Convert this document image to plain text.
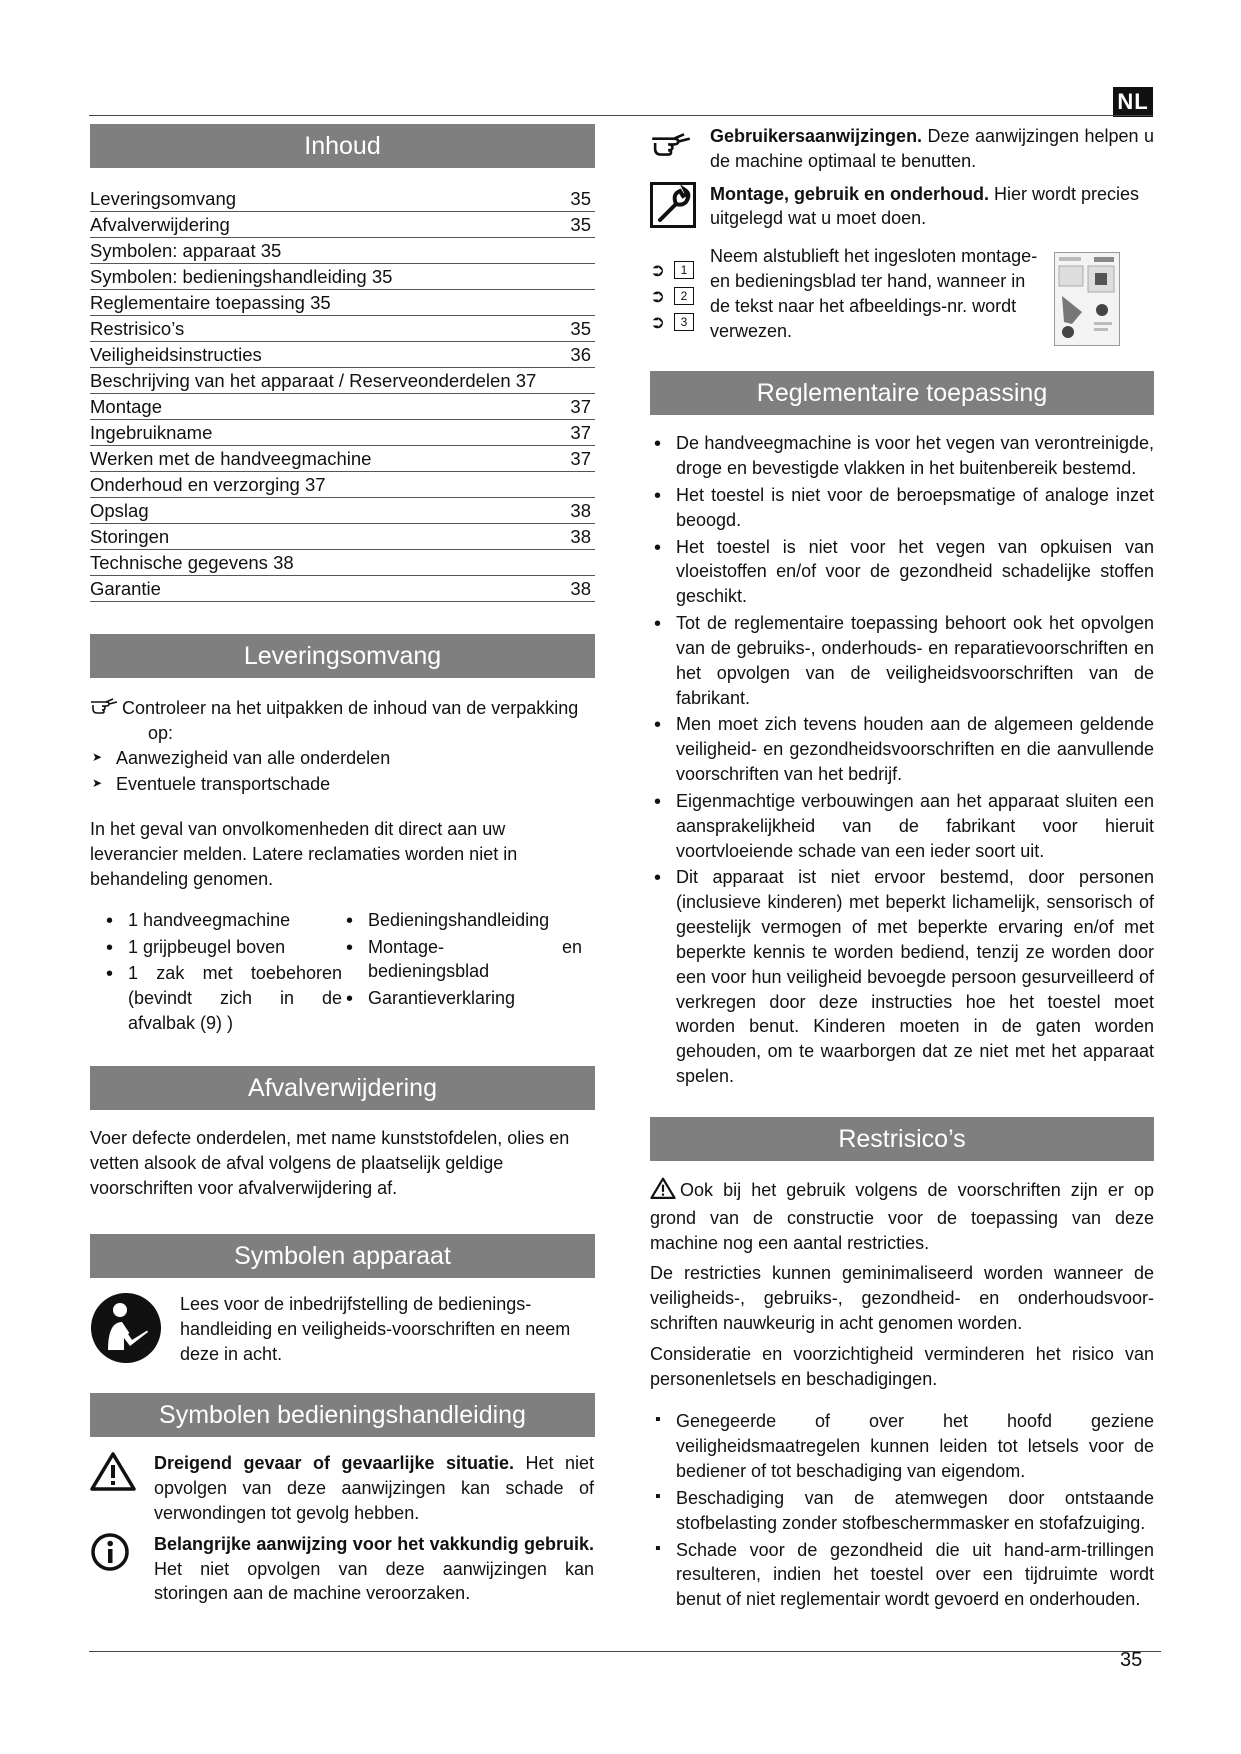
NL
Inhoud
Leveringsomvang	35
Afvalverwijdering	35
Symbolen: apparaat 35
Symbolen: bedieningshandleiding 35
Reglementaire toepassing 35
Restrisico’s	35
Veiligheidsinstructies	36
Beschrijving van het apparaat / Reserveonderdelen 37
Montage	37
Ingebruikname	37
Werken met de handveegmachine	37
Onderhoud en verzorging 37
Opslag	38
Storingen	38
Technische gegevens 38
Garantie	38
Leveringsomvang
Controleer na het uitpakken de inhoud van de verpakking
op:
➤ Aanwezigheid van alle onderdelen
➤ Eventuele transportschade

In het geval van onvolkomenheden dit direct aan uw leverancier melden. Latere reclamaties worden niet in behandeling genomen.

• 1 handveegmachine
• 1 grijpbeugel boven
• 1 zak met toebehoren (bevindt zich in de afvalbak (9) )
• Bedieningshandleiding
• Montage- en bedieningsblad
• Garantieverklaring
Afvalverwijdering

Voer defecte onderdelen, met name kunststofdelen, olies en vetten alsook de afval volgens de plaatselijk geldige voorschriften voor afvalverwijdering af.

Symbolen apparaat

Lees voor de inbedrijfstelling de bedienings-handleiding en veiligheids-voorschriften en neem deze in acht.

Symbolen bedieningshandleiding

Dreigend gevaar of gevaarlijke situatie. Het niet opvolgen van deze aanwijzingen kan schade of verwondingen tot gevolg hebben.

Belangrijke aanwijzing voor het vakkundig gebruik. Het niet opvolgen van deze aanwijzingen kan storingen aan de machine veroorzaken.

Gebruikersaanwijzingen. Deze aanwijzingen helpen u de machine optimaal te benutten.

Montage, gebruik en onderhoud. Hier wordt precies uitgelegd wat u moet doen.

➲	1
➲	2
➲	3

Neem alstublieft het ingesloten montage- en bedieningsblad ter hand, wanneer in de tekst naar het afbeeldings-nr. wordt verwezen.

Reglementaire toepassing
• De handveegmachine is voor het vegen van verontreinigde, droge en bevestigde vlakken in het buitenbereik bestemd.
• Het toestel is niet voor de beroepsmatige of analoge inzet beoogd.
• Het toestel is niet voor het vegen van opkuisen van vloeistoffen en/of voor de gezondheid schadelijke stoffen geschikt.
• Tot de reglementaire toepassing behoort ook het opvolgen van de gebruiks-, onderhouds- en reparatievoorschriften en het opvolgen van de veiligheidsvoorschriften van de fabrikant.
• Men moet zich tevens houden aan de algemeen geldende veiligheid- en gezondheidsvoorschriften en die aanvullende voorschriften van het bedrijf.
• Eigenmachtige verbouwingen aan het apparaat sluiten een aansprakelijkheid van de fabrikant voor hieruit voortvloeiende schade van een ieder soort uit.
• Dit apparaat ist niet ervoor bestemd, door personen (inclusieve kinderen) met beperkt lichamelijk, sensorisch of geestelijk vermogen of met beperkte ervaring en/of met beperkte kennis te worden bediend, tenzij ze worden door een voor hun veiligheid bevoegde persoon gesurveilleerd of verkregen door deze instructies hoe het toestel moet worden benut. Kinderen moeten in de gaten worden gehouden, om te waarborgen dat ze niet met het apparaat spelen.
Restrisico’s

Ook bij het gebruik volgens de voorschriften zijn er op grond van de constructie voor de toepassing van deze machine nog een aantal restricties.

De restricties kunnen geminimaliseerd worden wanneer de veiligheids-, gebruiks-, gezondheid- en onderhoudsvoor-schriften nauwkeurig in acht genomen worden.

Consideratie en voorzichtigheid verminderen het risico van personenletsels en beschadigingen.

▪ Genegeerde of over het hoofd geziene veiligheidsmaatregelen kunnen leiden tot letsels voor de bediener of tot beschadiging van eigendom.
▪ Beschadiging van de atemwegen door ontstaande stofbelasting zonder stofbeschermmasker en stofafzuiging.
▪ Schade voor de gezondheid die uit hand-arm-trillingen resulteren, indien het toestel over een tijdruimte wordt benut of niet reglementair wordt gevoerd en onderhouden.
35
